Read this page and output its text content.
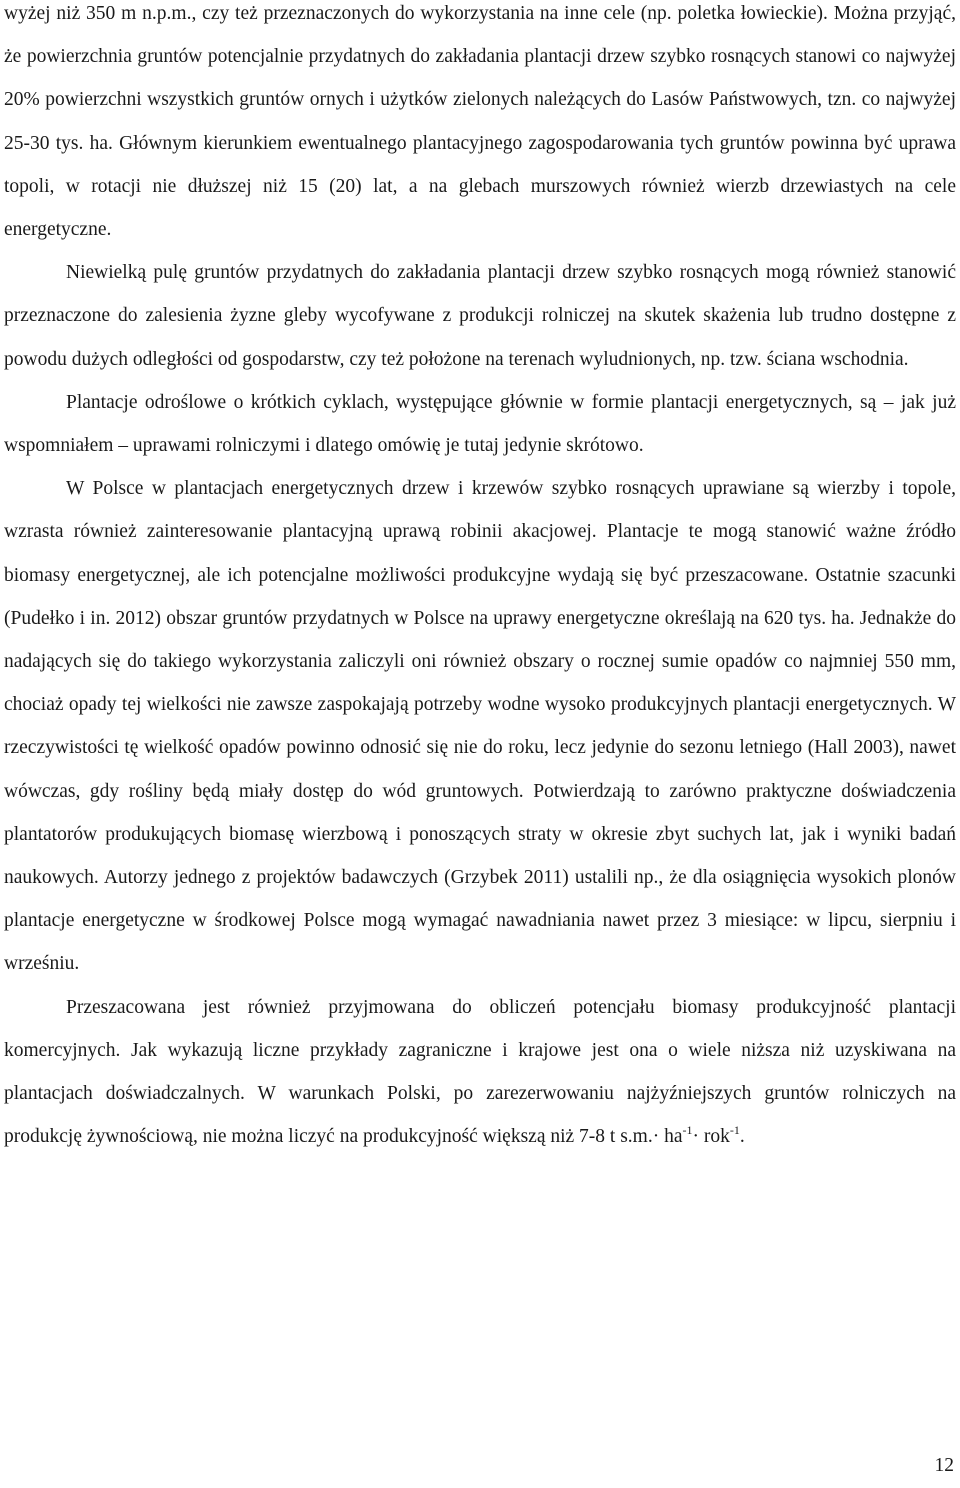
wyżej niż 350 m n.p.m., czy też przeznaczonych do wykorzystania na inne cele (np. poletka łowieckie). Można przyjąć, że powierzchnia gruntów potencjalnie przydatnych do zakładania plantacji drzew szybko rosnących stanowi co najwyżej 20% powierzchni wszystkich gruntów ornych i użytków zielonych należących do Lasów Państwowych, tzn. co najwyżej 25-30 tys. ha. Głównym kierunkiem ewentualnego plantacyjnego zagospodarowania tych gruntów powinna być uprawa topoli, w rotacji nie dłuższej niż 15 (20) lat, a na glebach murszowych również wierzb drzewiastych na cele energetyczne.

Niewielką pulę gruntów przydatnych do zakładania plantacji drzew szybko rosnących mogą również stanowić przeznaczone do zalesienia żyzne gleby wycofywane z produkcji rolniczej na skutek skażenia lub trudno dostępne z powodu dużych odległości od gospodarstw, czy też położone na terenach wyludnionych, np. tzw. ściana wschodnia.

Plantacje odroślowe o krótkich cyklach, występujące głównie w formie plantacji energetycznych, są – jak już wspomniałem – uprawami rolniczymi i dlatego omówię je tutaj jedynie skrótowo.

W Polsce w plantacjach energetycznych drzew i krzewów szybko rosnących uprawiane są wierzby i topole, wzrasta również zainteresowanie plantacyjną uprawą robinii akacjowej. Plantacje te mogą stanowić ważne źródło biomasy energetycznej, ale ich potencjalne możliwości produkcyjne wydają się być przeszacowane. Ostatnie szacunki (Pudełko i in. 2012) obszar gruntów przydatnych w Polsce na uprawy energetyczne określają na 620 tys. ha. Jednakże do nadających się do takiego wykorzystania zaliczyli oni również obszary o rocznej sumie opadów co najmniej 550 mm, chociaż opady tej wielkości nie zawsze zaspokajają potrzeby wodne wysoko produkcyjnych plantacji energetycznych. W rzeczywistości tę wielkość opadów powinno odnosić się nie do roku, lecz jedynie do sezonu letniego (Hall 2003), nawet wówczas, gdy rośliny będą miały dostęp do wód gruntowych. Potwierdzają to zarówno praktyczne doświadczenia plantatorów produkujących biomasę wierzbową i ponoszących straty w okresie zbyt suchych lat, jak i wyniki badań naukowych. Autorzy jednego z projektów badawczych (Grzybek 2011) ustalili np., że dla osiągnięcia wysokich plonów plantacje energetyczne w środkowej Polsce mogą wymagać nawadniania nawet przez 3 miesiące: w lipcu, sierpniu i wrześniu.

Przeszacowana jest również przyjmowana do obliczeń potencjału biomasy produkcyjność plantacji komercyjnych. Jak wykazują liczne przykłady zagraniczne i krajowe jest ona o wiele niższa niż uzyskiwana na plantacjach doświadczalnych. W warunkach Polski, po zarezerwowaniu najżyźniejszych gruntów rolniczych na produkcję żywnościową, nie można liczyć na produkcyjność większą niż 7-8 t $s.m.\cdot ha^{-1}\cdot rok^{-1}$.

12
